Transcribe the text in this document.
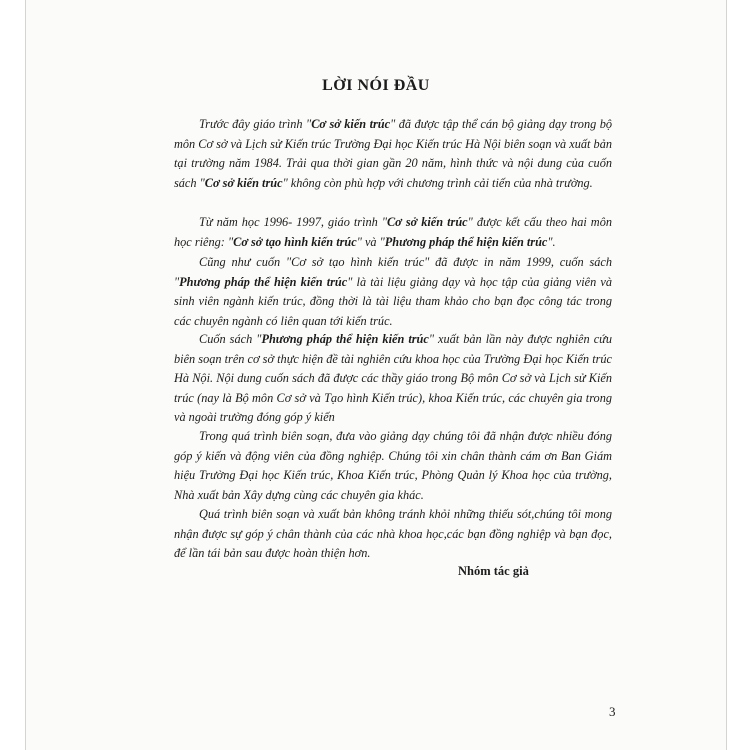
LỜI NÓI ĐẦU

Trước đây giáo trình "Cơ sở kiến trúc" đã được tập thể cán bộ giảng dạy trong bộ môn Cơ sở và Lịch sử Kiến trúc Trường Đại học Kiến trúc Hà Nội biên soạn và xuất bản tại trường năm 1984. Trải qua thời gian gần 20 năm, hình thức và nội dung của cuốn sách "Cơ sở kiến trúc" không còn phù hợp với chương trình cải tiến của nhà trường.

Từ năm học 1996- 1997, giáo trình "Cơ sở kiến trúc" được kết cấu theo hai môn học riêng: "Cơ sở tạo hình kiến trúc" và "Phương pháp thể hiện kiến trúc".

Cũng như cuốn "Cơ sở tạo hình kiến trúc" đã được in năm 1999, cuốn sách "Phương pháp thể hiện kiến trúc" là tài liệu giảng dạy và học tập của giảng viên và sinh viên ngành kiến trúc, đồng thời là tài liệu tham khảo cho bạn đọc công tác trong các chuyên ngành có liên quan tới kiến trúc.

Cuốn sách "Phương pháp thể hiện kiến trúc" xuất bản lần này được nghiên cứu biên soạn trên cơ sở thực hiện đề tài nghiên cứu khoa học của Trường Đại học Kiến trúc Hà Nội. Nội dung cuốn sách đã được các thầy giáo trong Bộ môn Cơ sở và Lịch sử Kiến trúc (nay là Bộ môn Cơ sở và Tạo hình Kiến trúc), khoa Kiến trúc, các chuyên gia trong và ngoài trường đóng góp ý kiến

Trong quá trình biên soạn, đưa vào giảng dạy chúng tôi đã nhận được nhiều đóng góp ý kiến và động viên của đồng nghiệp. Chúng tôi xin chân thành cám ơn Ban Giám hiệu Trường Đại học Kiến trúc, Khoa Kiến trúc, Phòng Quản lý Khoa học của trường, Nhà xuất bản Xây dựng cùng các chuyên gia khác.

Quá trình biên soạn và xuất bản không tránh khỏi những thiếu sót,chúng tôi mong nhận được sự góp ý chân thành của các nhà khoa học,các bạn đồng nghiệp và bạn đọc, để lần tái bản sau được hoàn thiện hơn.

Nhóm tác giả

3
